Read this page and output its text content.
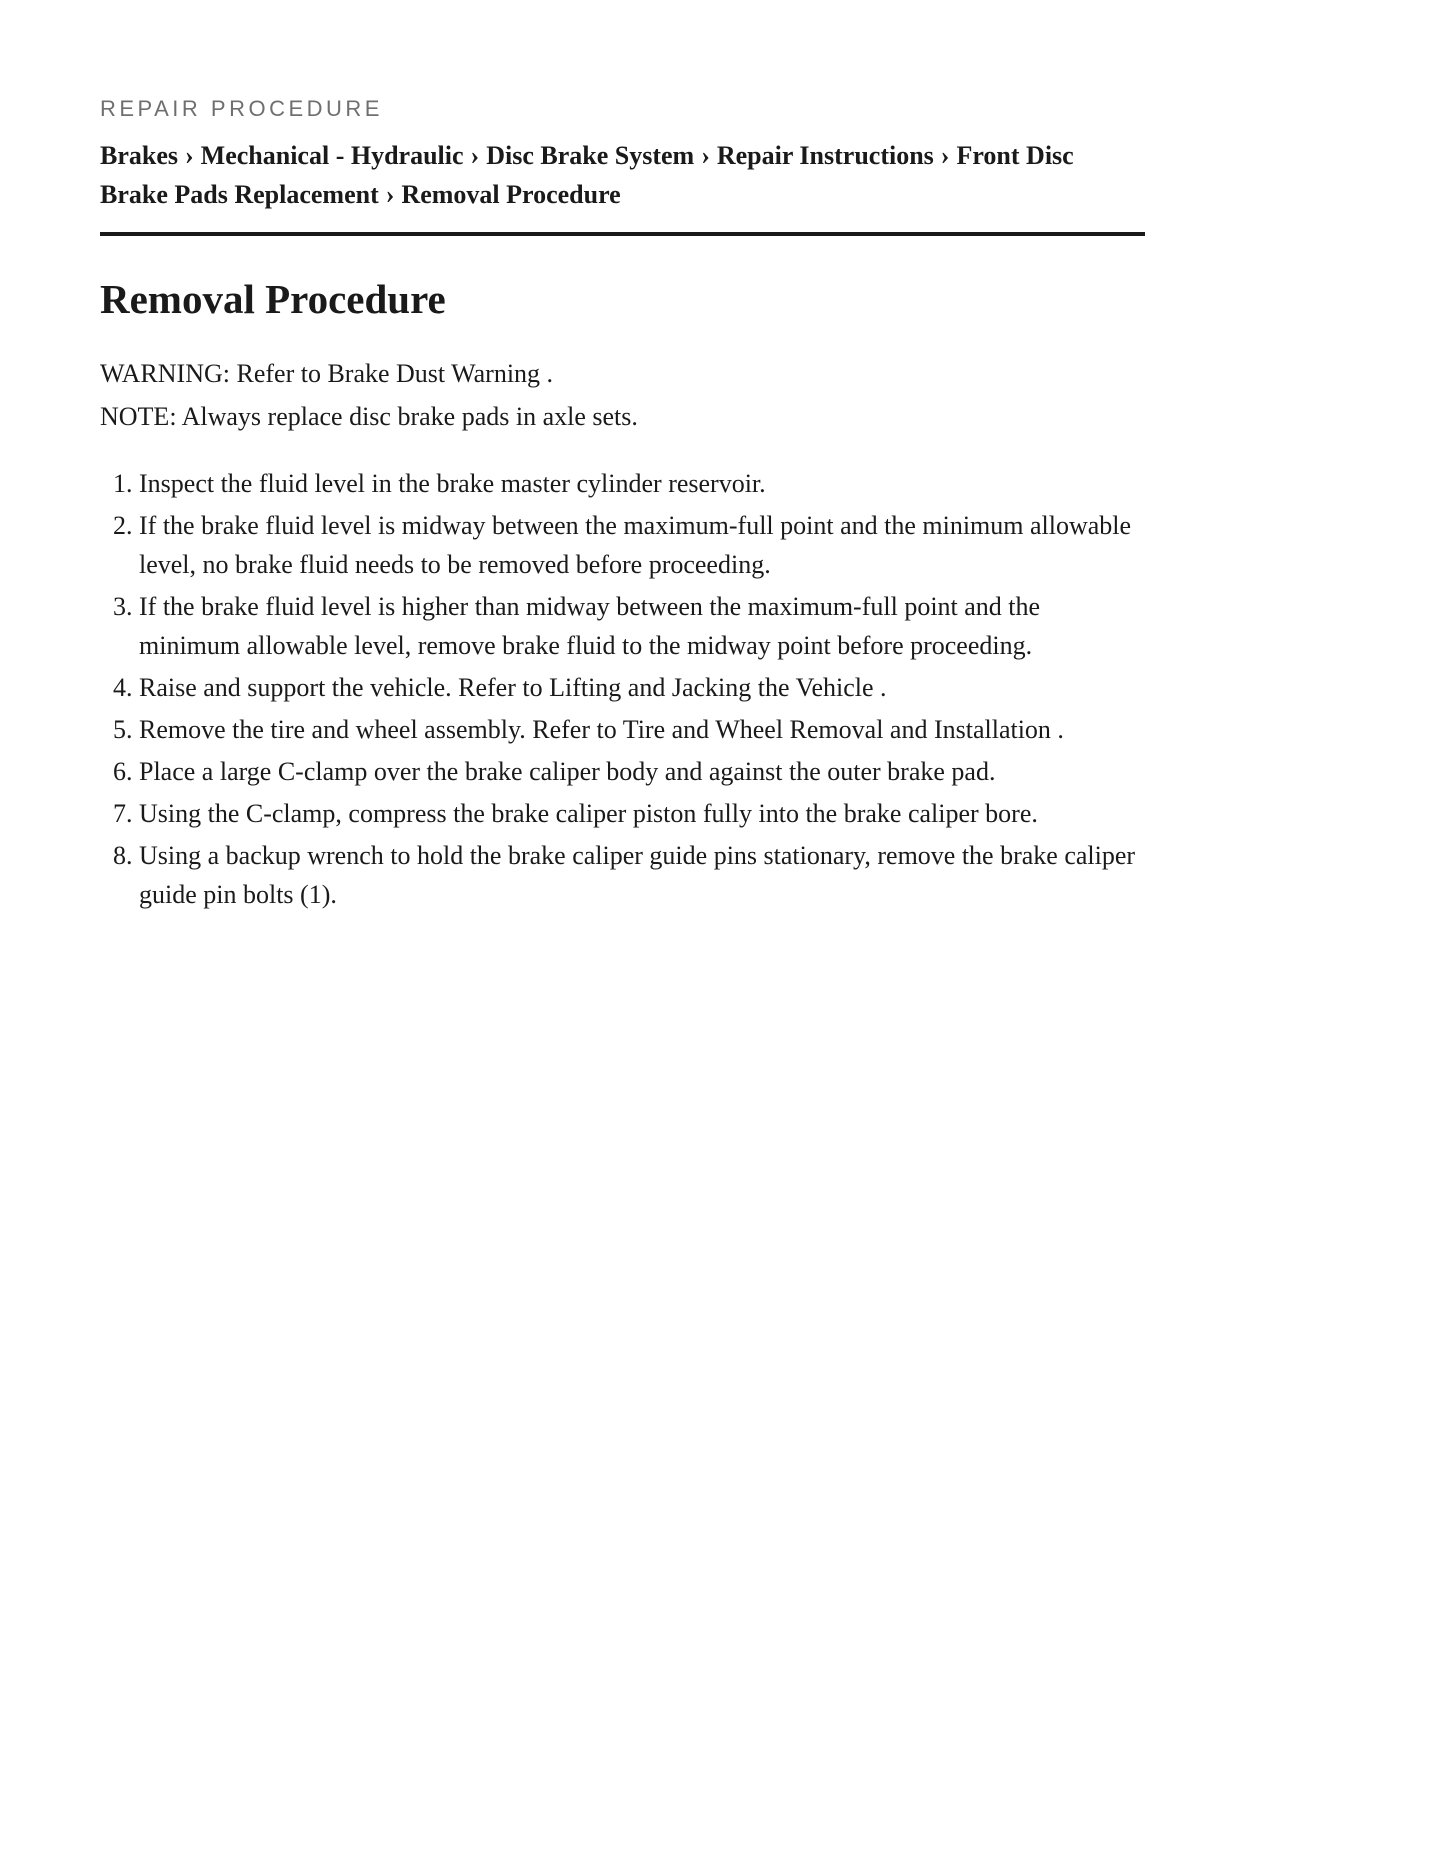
REPAIR PROCEDURE

Brakes › Mechanical - Hydraulic › Disc Brake System › Repair Instructions › Front Disc Brake Pads Replacement › Removal Procedure

Removal Procedure

WARNING: Refer to Brake Dust Warning .

NOTE: Always replace disc brake pads in axle sets.

1. Inspect the fluid level in the brake master cylinder reservoir.
2. If the brake fluid level is midway between the maximum-full point and the minimum allowable level, no brake fluid needs to be removed before proceeding.
3. If the brake fluid level is higher than midway between the maximum-full point and the minimum allowable level, remove brake fluid to the midway point before proceeding.
4. Raise and support the vehicle. Refer to Lifting and Jacking the Vehicle .
5. Remove the tire and wheel assembly. Refer to Tire and Wheel Removal and Installation .
6. Place a large C-clamp over the brake caliper body and against the outer brake pad.
7. Using the C-clamp, compress the brake caliper piston fully into the brake caliper bore.
8. Using a backup wrench to hold the brake caliper guide pins stationary, remove the brake caliper guide pin bolts (1).
